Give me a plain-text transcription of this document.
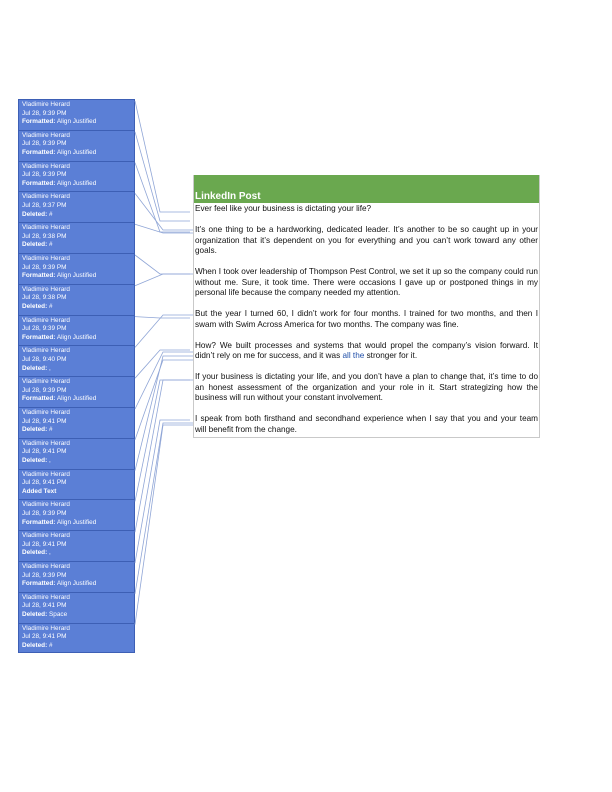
Vladimire Herard
Jul 28, 9:39 PM
Formatted: Align Justified
Vladimire Herard
Jul 28, 9:39 PM
Formatted: Align Justified
Vladimire Herard
Jul 28, 9:39 PM
Formatted: Align Justified
Vladimire Herard
Jul 28, 9:37 PM
Deleted: #
Vladimire Herard
Jul 28, 9:38 PM
Deleted: #
Vladimire Herard
Jul 28, 9:39 PM
Formatted: Align Justified
Vladimire Herard
Jul 28, 9:38 PM
Deleted: #
Vladimire Herard
Jul 28, 9:39 PM
Formatted: Align Justified
Vladimire Herard
Jul 28, 9:40 PM
Deleted: ,
Vladimire Herard
Jul 28, 9:39 PM
Formatted: Align Justified
Vladimire Herard
Jul 28, 9:41 PM
Deleted: #
Vladimire Herard
Jul 28, 9:41 PM
Deleted: ,
Vladimire Herard
Jul 28, 9:41 PM
Added Text
Vladimire Herard
Jul 28, 9:39 PM
Formatted: Align Justified
Vladimire Herard
Jul 28, 9:41 PM
Deleted: ,
Vladimire Herard
Jul 28, 9:39 PM
Formatted: Align Justified
Vladimire Herard
Jul 28, 9:41 PM
Deleted: Space
Vladimire Herard
Jul 28, 9:41 PM
Deleted: #
LinkedIn Post

Ever feel like your business is dictating your life?

It’s one thing to be a hardworking, dedicated leader. It’s another to be so caught up in your organization that it’s dependent on you for everything and you can’t work toward any other goals.

When I took over leadership of Thompson Pest Control, we set it up so the company could run without me. Sure, it took time. There were occasions I gave up or postponed things in my personal life because the company needed my attention.

But the year I turned 60, I didn’t work for four months. I trained for two months, and then I swam with Swim Across America for two months. The company was fine.

How? We built processes and systems that would propel the company’s vision forward. It didn’t rely on me for success, and it was all the stronger for it.

If your business is dictating your life, and you don’t have a plan to change that, it’s time to do an honest assessment of the organization and your role in it. Start strategizing how the business will run without your constant involvement.

I speak from both firsthand and secondhand experience when I say that you and your team will benefit from the change.
